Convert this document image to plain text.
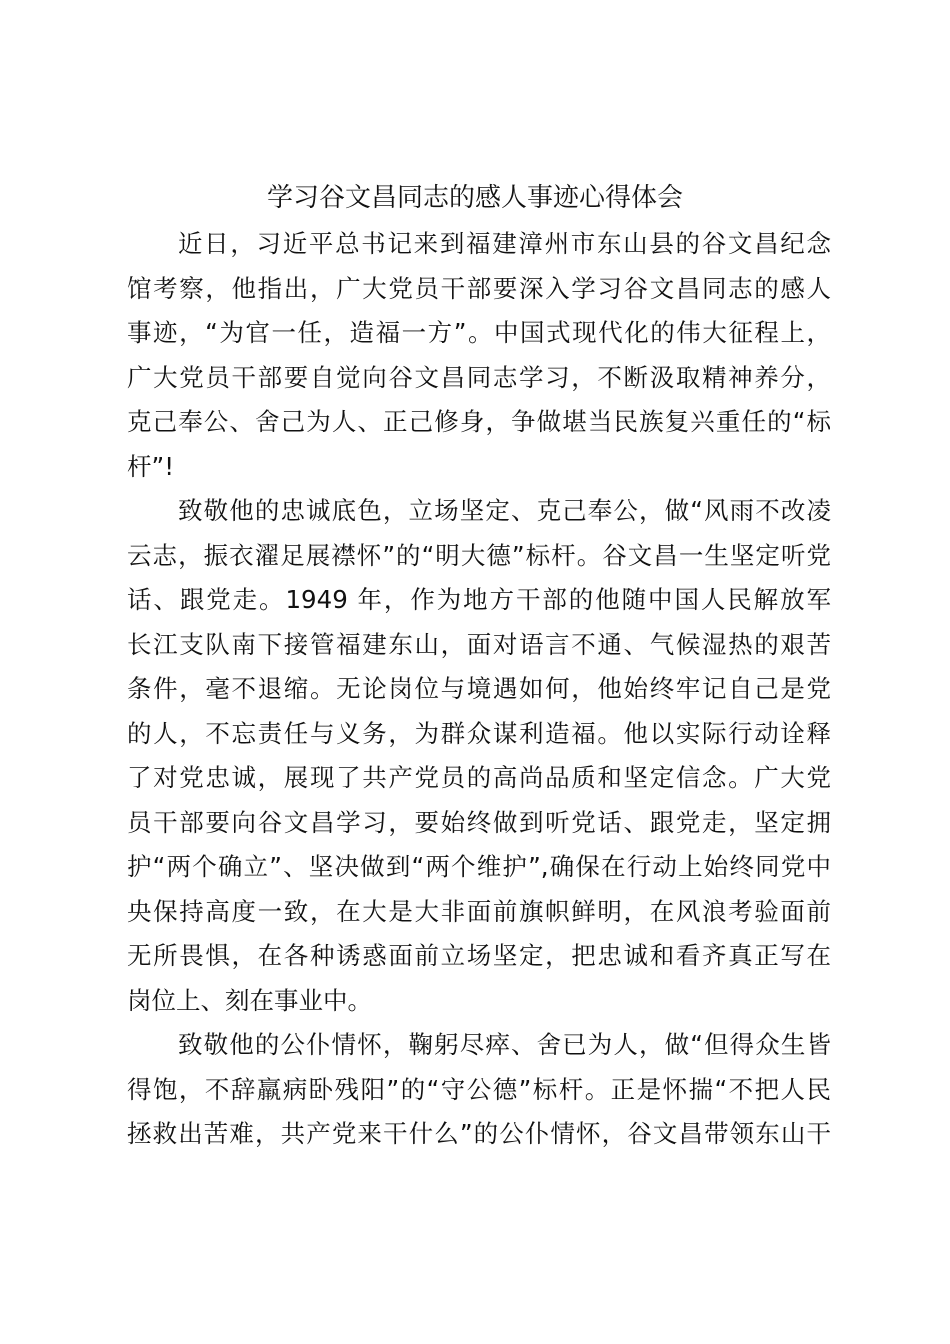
学习谷文昌同志的感人事迹心得体会
近日，习近平总书记来到福建漳州市东山县的谷文昌纪念
馆考察，他指出，广大党员干部要深入学习谷文昌同志的感人
事迹，“为官一任，造福一方”。中国式现代化的伟大征程上，
广大党员干部要自觉向谷文昌同志学习，不断汲取精神养分，
克己奉公、舍己为人、正己修身，争做堪当民族复兴重任的“标
杆”!
致敬他的忠诚底色，立场坚定、克己奉公，做“风雨不改凌
云志，振衣濯足展襟怀”的“明大德”标杆。谷文昌一生坚定听党
话、跟党走。1949 年，作为地方干部的他随中国人民解放军
长江支队南下接管福建东山，面对语言不通、气候湿热的艰苦
条件，毫不退缩。无论岗位与境遇如何，他始终牢记自己是党
的人，不忘责任与义务，为群众谋利造福。他以实际行动诠释
了对党忠诚，展现了共产党员的高尚品质和坚定信念。广大党
员干部要向谷文昌学习，要始终做到听党话、跟党走，坚定拥
护“两个确立”、坚决做到“两个维护”,确保在行动上始终同党中
央保持高度一致，在大是大非面前旗帜鲜明，在风浪考验面前
无所畏惧，在各种诱惑面前立场坚定，把忠诚和看齐真正写在
岗位上、刻在事业中。
致敬他的公仆情怀，鞠躬尽瘁、舍已为人，做“但得众生皆
得饱，不辞羸病卧残阳”的“守公德”标杆。正是怀揣“不把人民
拯救出苦难，共产党来干什么”的公仆情怀，谷文昌带领东山干
